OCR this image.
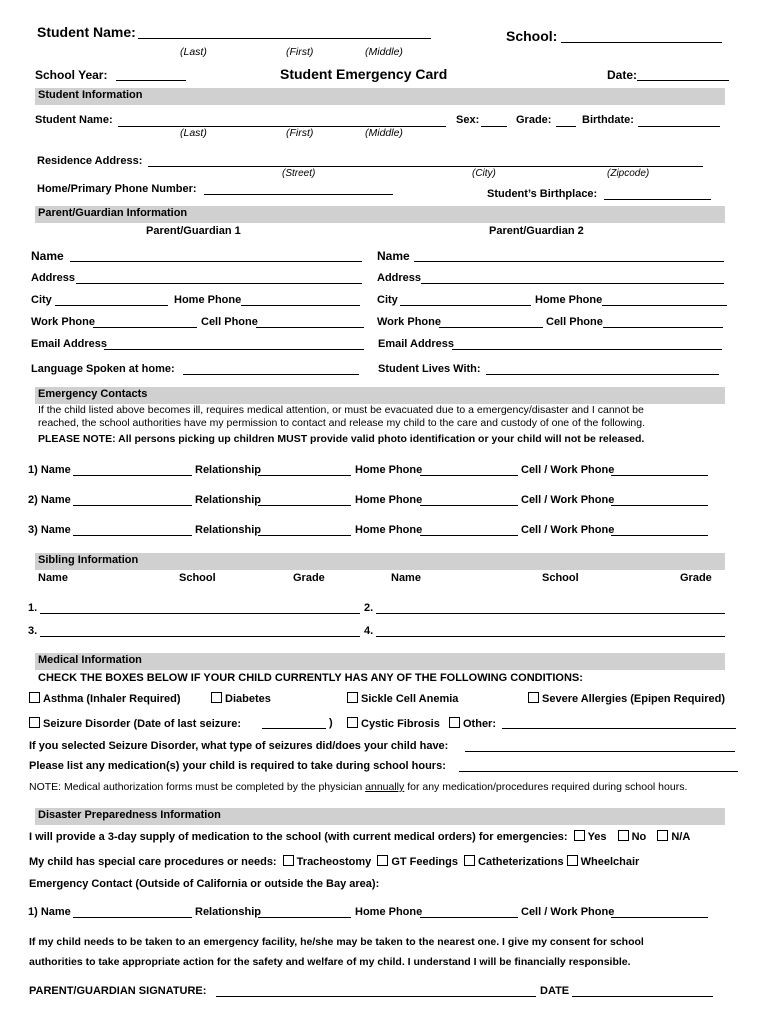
Student Name:	School:
(Last)	(First)	(Middle)
School Year:	Student Emergency Card	Date:
Student Information
Student Name:	Sex:	Grade:	Birthdate:
(Last)	(First)	(Middle)
Residence Address:
(Street)	(City)	(Zipcode)
Home/Primary Phone Number:	Student’s Birthplace:
Parent/Guardian Information
Parent/Guardian 1	Parent/Guardian 2
Name	Name
Address	Address
City	Home Phone	City	Home Phone
Work Phone	Cell Phone	Work Phone	Cell Phone
Email Address	Email Address
Language Spoken at home:	Student Lives With:
Emergency Contacts
If the child listed above becomes ill, requires medical attention, or must be evacuated due to a emergency/disaster and I cannot be
reached, the school authorities have my permission to contact and release my child to the care and custody of one of the following.
PLEASE NOTE: All persons picking up children MUST provide valid photo identification or your child will not be released.
1) Name	Relationship	Home Phone	Cell / Work Phone
2) Name	Relationship	Home Phone	Cell / Work Phone
3) Name	Relationship	Home Phone	Cell / Work Phone
Sibling Information
Name	School	Grade	Name	School	Grade
1.	2.
3.	4.
Medical Information
CHECK THE BOXES BELOW IF YOUR CHILD CURRENTLY HAS ANY OF THE FOLLOWING CONDITIONS:
Asthma (Inhaler Required)	Diabetes	Sickle Cell Anemia	Severe Allergies (Epipen Required)
Seizure Disorder (Date of last seizure:	)	Cystic Fibrosis	Other:
If you selected Seizure Disorder, what type of seizures did/does your child have:
Please list any medication(s) your child is required to take during school hours:
NOTE: Medical authorization forms must be completed by the physician annually for any medication/procedures required during school hours.
Disaster Preparedness Information
I will provide a 3-day supply of medication to the school (with current medical orders) for emergencies: Yes No N/A
My child has special care procedures or needs: Tracheostomy GT Feedings Catheterizations Wheelchair
Emergency Contact (Outside of California or outside the Bay area):
1) Name	Relationship	Home Phone	Cell / Work Phone
If my child needs to be taken to an emergency facility, he/she may be taken to the nearest one. I give my consent for school
authorities to take appropriate action for the safety and welfare of my child. I understand I will be financially responsible.
PARENT/GUARDIAN SIGNATURE:	DATE
